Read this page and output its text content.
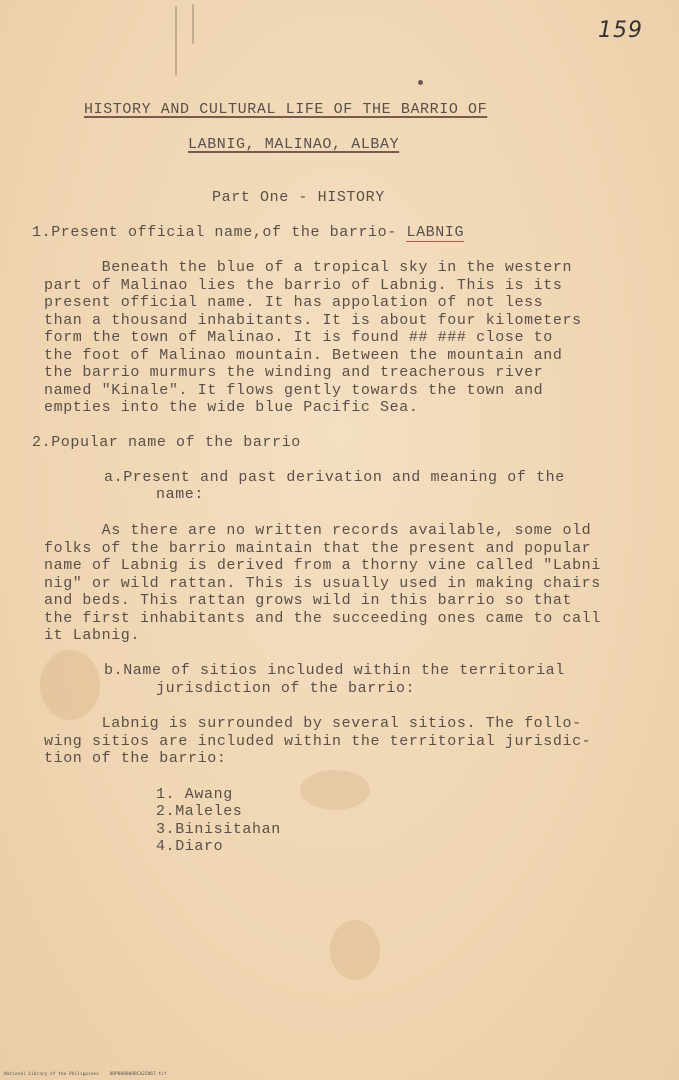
159
HISTORY AND CULTURAL LIFE OF THE BARRIO OF
LABNIG, MALINAO, ALBAY
Part One - HISTORY
1.Present official name,of the barrio- LABNIG
Beneath the blue of a tropical sky in the western
part of Malinao lies the barrio of Labnig. This is its
present official name. It has appolation of not less
than a thousand inhabitants. It is about four kilometers
form the town of Malinao. It is found ## ### close to
the foot of Malinao mountain. Between the mountain and
the barrio murmurs the winding and treacherous river
named "Kinale". It flows gently towards the town and
empties into the wide blue Pacific Sea.
2.Popular name of the barrio
a.Present and past derivation and meaning of the
name:
As there are no written records available, some old
folks of the barrio maintain that the present and popular
name of Labnig is derived from a thorny vine called "Labni
nig" or wild rattan. This is usually used in making chairs
and beds. This rattan grows wild in this barrio so that
the first inhabitants and the succeeding ones came to call
it Labnig.
b.Name of sitios included within the territorial
jurisdiction of the barrio:
Labnig is surrounded by several sitios. The follo-
wing sitios are included within the territorial jurisdic-
tion of the barrio:
1. Awang
2.Maleles
3.Binisitahan
4.Diaro
National Library of the Philippines    HDP00800OBCA2Z067.tif
